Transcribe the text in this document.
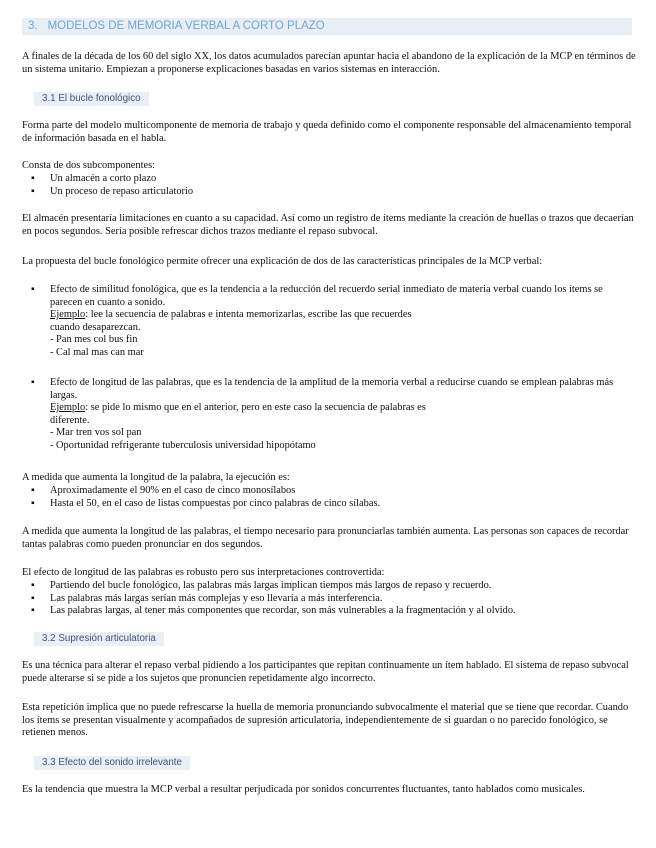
3. MODELOS DE MEMORIA VERBAL A CORTO PLAZO

A finales de la década de los 60 del siglo XX, los datos acumulados parecían apuntar hacia el abandono de la explicación de la MCP en términos de un sistema unitario. Empiezan a proponerse explicaciones basadas en varios sistemas en interacción.

3.1 El bucle fonológico

Forma parte del modelo multicomponente de memoria de trabajo y queda definido como el componente responsable del almacenamiento temporal de información basada en el habla.

Consta de dos subcomponentes:

▪ Un almacén a corto plazo
▪ Un proceso de repaso articulatorio

El almacén presentaría limitaciones en cuanto a su capacidad. Así como un registro de ítems mediante la creación de huellas o trazos que decaerían en pocos segundos. Sería posible refrescar dichos trazos mediante el repaso subvocal.

La propuesta del bucle fonológico permite ofrecer una explicación de dos de las características principales de la MCP verbal:

▪ Efecto de similitud fonológica, que es la tendencia a la reducción del recuerdo serial inmediato de materia verbal cuando los ítems se parecen en cuanto a sonido.
Ejemplo: lee la secuencia de palabras e intenta memorizarlas, escribe las que recuerdes
cuando desaparezcan.
- Pan mes col bus fin
- Cal mal mas can mar
▪ Efecto de longitud de las palabras, que es la tendencia de la amplitud de la memoria verbal a reducirse cuando se emplean palabras más largas.
Ejemplo: se pide lo mismo que en el anterior, pero en este caso la secuencia de palabras es
diferente.
- Mar tren vos sol pan
- Oportunidad refrigerante tuberculosis universidad hipopótamo

A medida que aumenta la longitud de la palabra, la ejecución es:

▪ Aproximadamente el 90% en el caso de cinco monosílabos
▪ Hasta el 50, en el caso de listas compuestas por cinco palabras de cinco sílabas.

A medida que aumenta la longitud de las palabras, el tiempo necesario para pronunciarlas también aumenta. Las personas son capaces de recordar tantas palabras como pueden pronunciar en dos segundos.

El efecto de longitud de las palabras es robusto pero sus interpretaciones controvertida:

▪ Partiendo del bucle fonológico, las palabras más largas implican tiempos más largos de repaso y recuerdo.
▪ Las palabras más largas serían más complejas y eso llevaría a más interferencia.
▪ Las palabras largas, al tener más componentes que recordar, son más vulnerables a la fragmentación y al olvido.
3.2 Supresión articulatoria

Es una técnica para alterar el repaso verbal pidiendo a los participantes que repitan continuamente un ítem hablado. El sistema de repaso subvocal puede alterarse si se pide a los sujetos que pronuncien repetidamente algo incorrecto.

Esta repetición implica que no puede refrescarse la huella de memoria pronunciando subvocalmente el material que se tiene que recordar. Cuando los ítems se presentan visualmente y acompañados de supresión articulatoria, independientemente de si guardan o no parecido fonológico, se retienen menos.

3.3 Efecto del sonido irrelevante

Es la tendencia que muestra la MCP verbal a resultar perjudicada por sonidos concurrentes fluctuantes, tanto hablados como musicales.
